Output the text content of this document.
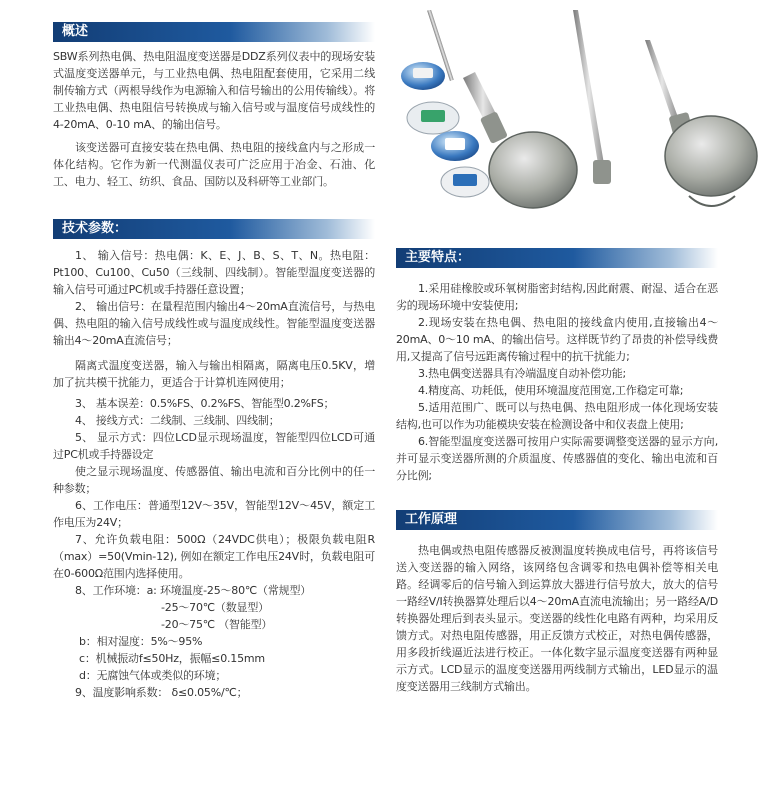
概述

SBW系列热电偶、热电阻温度变送器是DDZ系列仪表中的现场安装式温度变送器单元，与工业热电偶、热电阻配套使用，它采用二线制传输方式（两根导线作为电源输入和信号输出的公用传输线）。将工业热电偶、热电阻信号转换成与输入信号或与温度信号成线性的4-20mA、0-10 mA、的输出信号。

该变送器可直接安装在热电偶、热电阻的接线盒内与之形成一体化结构。它作为新一代测温仪表可广泛应用于冶金、石油、化工、电力、轻工、纺织、食品、国防以及科研等工业部门。

技术参数：

1、 输入信号：热电偶：K、E、J、B、S、T、N。热电阻： Pt100、Cu100、Cu50（三线制、四线制）。智能型温度变送器的输入信号可通过PC机或手持器任意设置；

2、 输出信号：在量程范围内输出4～20mA直流信号，与热电偶、热电阻的输入信号成线性或与温度成线性。智能型温度变送器输出4～20mA直流信号；

隔离式温度变送器，输入与输出相隔离，隔离电压0.5KV，增加了抗共模干扰能力，更适合于计算机连网使用；

3、 基本误差：0.5%FS、0.2%FS、智能型0.2%FS；

4、 接线方式：二线制、三线制、四线制；

5、 显示方式：四位LCD显示现场温度，智能型四位LCD可通过PC机或手持器设定

使之显示现场温度、传感器值、输出电流和百分比例中的任一种参数；

6、工作电压：普通型12V～35V，智能型12V～45V，额定工作电压为24V；

7、允许负载电阻：500Ω（24VDC供电）；极限负载电阻R（max）=50(Vmin-12), 例如在额定工作电压24V时，负载电阻可在0-600Ω范围内选择使用。

8、工作环境：a: 环境温度-25～80℃（常规型）

-25～70℃（数显型）

-20～75℃ （智能型）

b：相对湿度：5%～95%

c：机械振动f≤50Hz，振幅≤0.15mm

d：无腐蚀气体或类似的环境；

9、温度影响系数： δ≤0.05%/℃；

主要特点：

1.采用硅橡胶或环氧树脂密封结构,因此耐震、耐湿、适合在恶劣的现场环境中安装使用;

2.现场安装在热电偶、热电阻的接线盒内使用,直接输出4～20mA、0～10 mA、的输出信号。这样既节约了昂贵的补偿导线费用,又提高了信号远距离传输过程中的抗干扰能力;

3.热电偶变送器具有冷端温度自动补偿功能;

4.精度高、功耗低，使用环境温度范围宽,工作稳定可靠;

5.适用范围广、既可以与热电偶、热电阻形成一体化现场安装结构,也可以作为功能模块安装在检测设备中和仪表盘上使用;

6.智能型温度变送器可按用户实际需要调整变送器的显示方向,并可显示变送器所测的介质温度、传感器值的变化、输出电流和百分比例;

工作原理

热电偶或热电阻传感器反被测温度转换成电信号，再将该信号送入变送器的输入网络，该网络包含调零和热电偶补偿等相关电路。经调零后的信号输入到运算放大器进行信号放大，放大的信号一路经V/I转换器算处理后以4～20mA直流电流输出；另一路经A/D转换器处理后到表头显示。变送器的线性化电路有两种，均采用反馈方式。对热电阻传感器，用正反馈方式校正，对热电偶传感器，用多段折线逼近法进行校正。一体化数字显示温度变送器有两种显示方式。LCD显示的温度变送器用两线制方式输出，LED显示的温度变送器用三线制方式输出。
